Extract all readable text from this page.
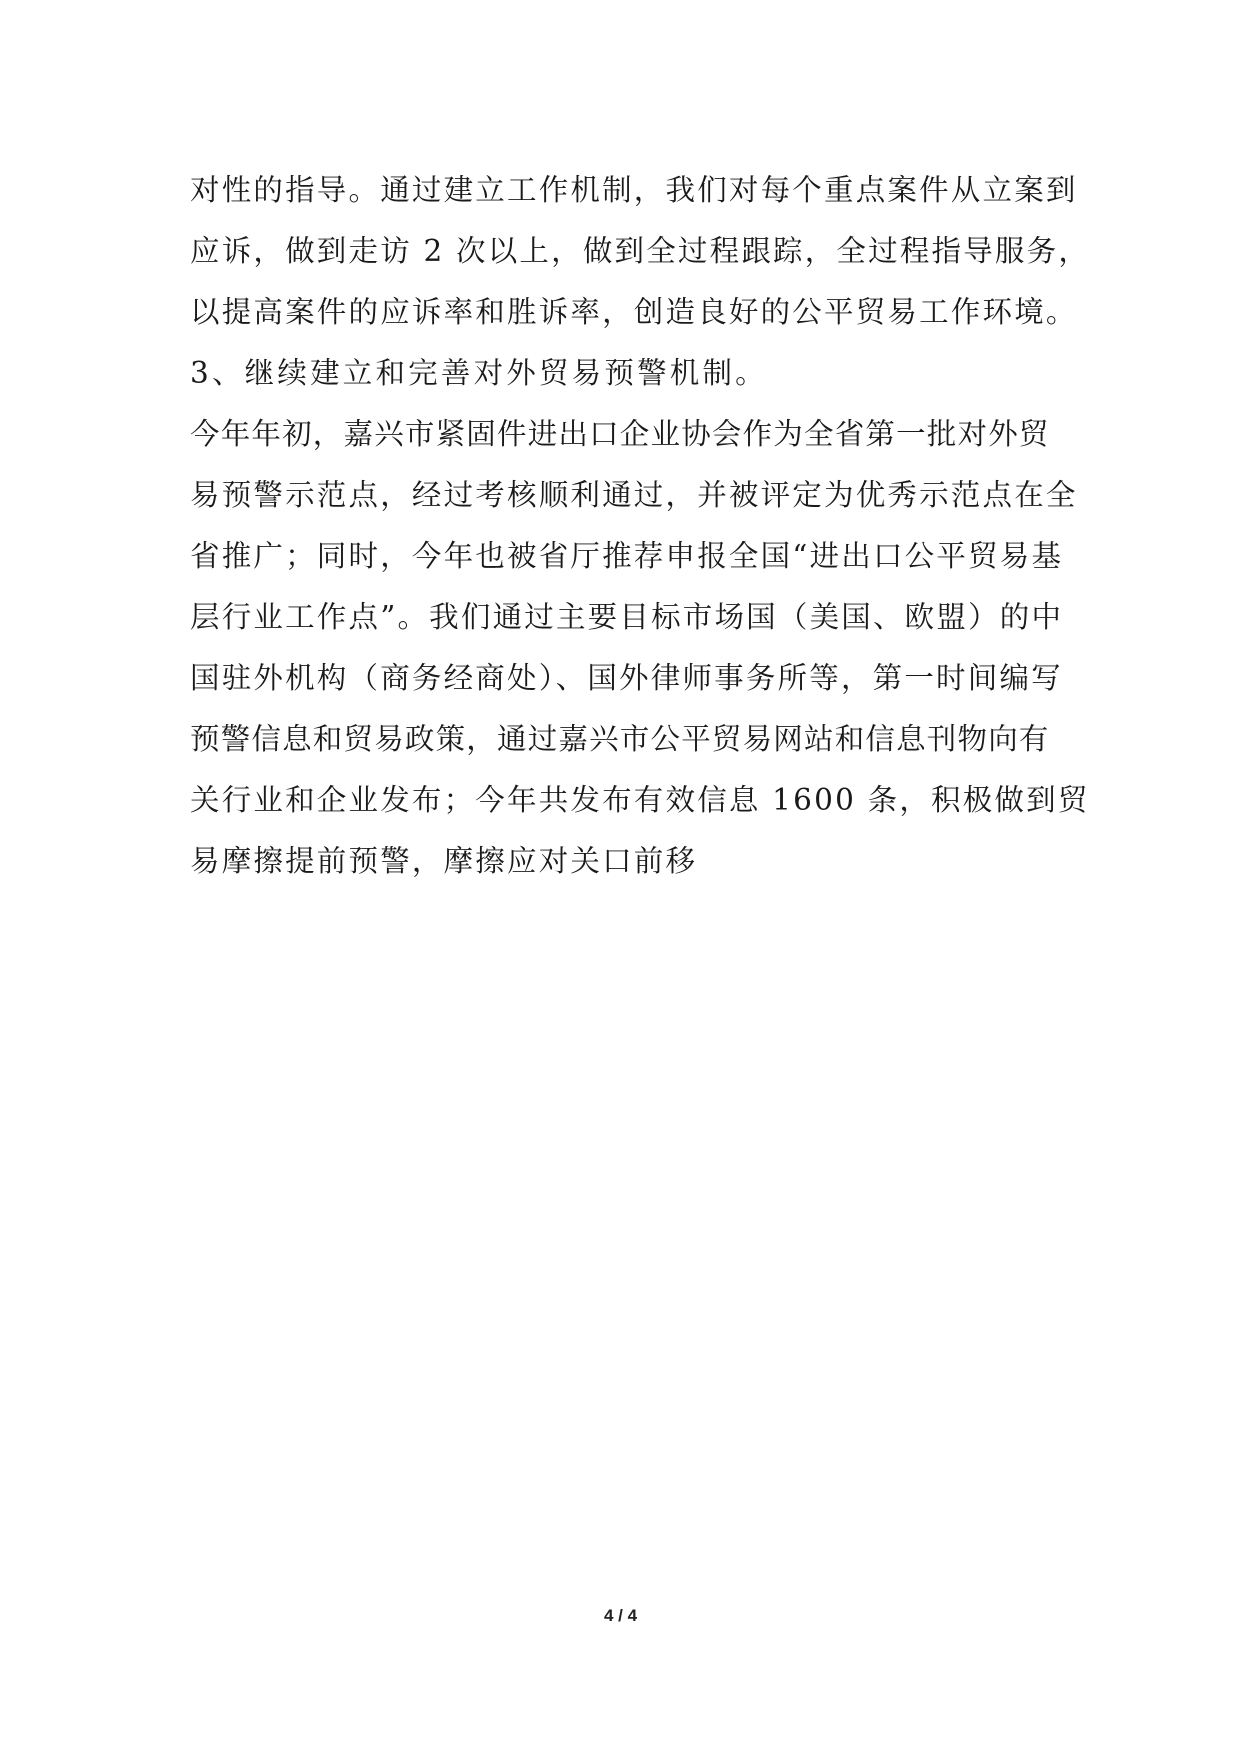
对性的指导。通过建立工作机制，我们对每个重点案件从立案到
应诉，做到走访 2 次以上，做到全过程跟踪，全过程指导服务，
以提高案件的应诉率和胜诉率，创造良好的公平贸易工作环境。
3、继续建立和完善对外贸易预警机制。
今年年初，嘉兴市紧固件进出口企业协会作为全省第一批对外贸
易预警示范点，经过考核顺利通过，并被评定为优秀示范点在全
省推广；同时，今年也被省厅推荐申报全国“进出口公平贸易基
层行业工作点”。我们通过主要目标市场国（美国、欧盟）的中
国驻外机构（商务经商处）、国外律师事务所等，第一时间编写
预警信息和贸易政策，通过嘉兴市公平贸易网站和信息刊物向有
关行业和企业发布；今年共发布有效信息 1600 条，积极做到贸
易摩擦提前预警，摩擦应对关口前移
4 / 4
